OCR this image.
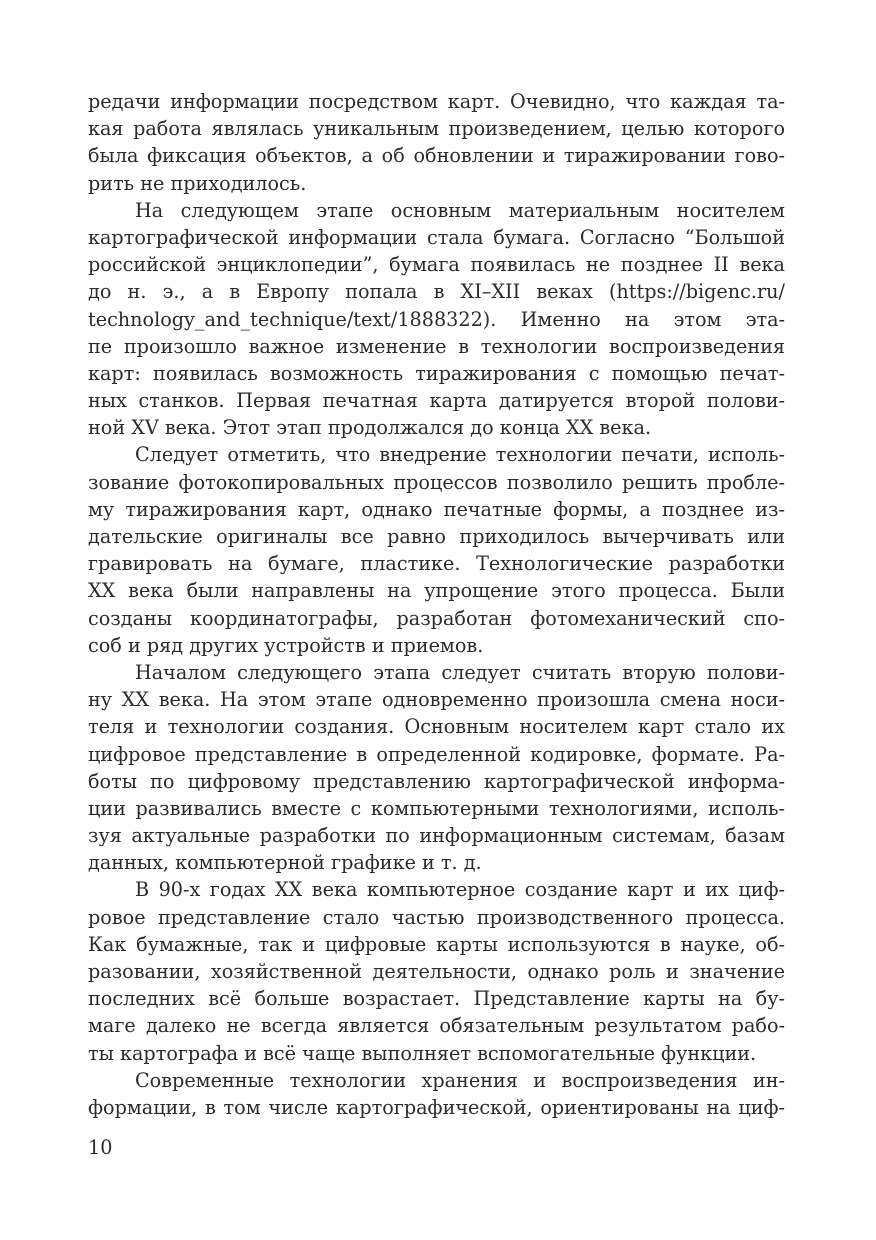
редачи информации посредством карт. Очевидно, что каждая та-
кая работа являлась уникальным произведением, целью которого
была фиксация объектов, а об обновлении и тиражировании гово-
рить не приходилось.
На следующем этапе основным материальным носителем
картографической информации стала бумага. Согласно “Большой
российской энциклопедии”, бумага появилась не позднее II века
до н. э., а в Европу попала в XI–XII веках (https://bigenc.ru/
technology_and_technique/text/1888322). Именно на этом эта-
пе произошло важное изменение в технологии воспроизведения
карт: появилась возможность тиражирования с помощью печат-
ных станков. Первая печатная карта датируется второй полови-
ной XV века. Этот этап продолжался до конца XX века.
Следует отметить, что внедрение технологии печати, исполь-
зование фотокопировальных процессов позволило решить пробле-
му тиражирования карт, однако печатные формы, а позднее из-
дательские оригиналы все равно приходилось вычерчивать или
гравировать на бумаге, пластике. Технологические разработки
XX века были направлены на упрощение этого процесса. Были
созданы координатографы, разработан фотомеханический спо-
соб и ряд других устройств и приемов.
Началом следующего этапа следует считать вторую полови-
ну XX века. На этом этапе одновременно произошла смена носи-
теля и технологии создания. Основным носителем карт стало их
цифровое представление в определенной кодировке, формате. Ра-
боты по цифровому представлению картографической информа-
ции развивались вместе с компьютерными технологиями, исполь-
зуя актуальные разработки по информационным системам, базам
данных, компьютерной графике и т. д.
В 90-х годах XX века компьютерное создание карт и их циф-
ровое представление стало частью производственного процесса.
Как бумажные, так и цифровые карты используются в науке, об-
разовании, хозяйственной деятельности, однако роль и значение
последних всё больше возрастает. Представление карты на бу-
маге далеко не всегда является обязательным результатом рабо-
ты картографа и всё чаще выполняет вспомогательные функции.
Современные технологии хранения и воспроизведения ин-
формации, в том числе картографической, ориентированы на циф-
10
